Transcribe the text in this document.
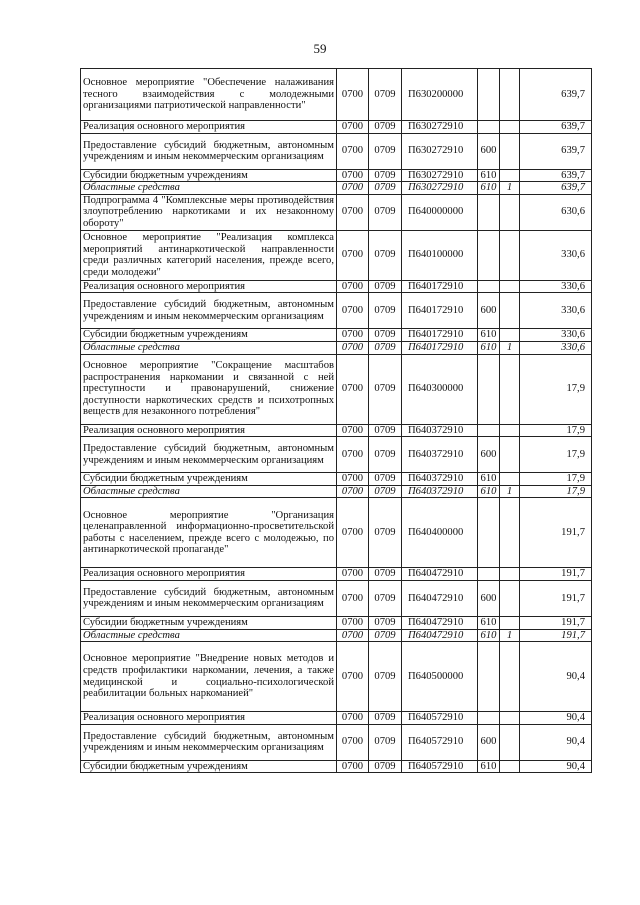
59
Основное мероприятие "Обеспечение налаживания тесного взаимодействия с молодежными организациями патриотической направленности"	0700	0709	П630200000			639,7
Реализация основного мероприятия	0700	0709	П630272910			639,7
Предоставление субсидий бюджетным, автономным учреждениям и иным некоммерческим организациям	0700	0709	П630272910	600		639,7
Субсидии бюджетным учреждениям	0700	0709	П630272910	610		639,7
Областные средства	0700	0709	П630272910	610	1	639,7
Подпрограмма 4 "Комплексные меры противодействия злоупотреблению наркотиками и их незаконному обороту"	0700	0709	П640000000			630,6
Основное мероприятие "Реализация комплекса мероприятий антинаркотической направленности среди различных категорий населения, прежде всего, среди молодежи"	0700	0709	П640100000			330,6
Реализация основного мероприятия	0700	0709	П640172910			330,6
Предоставление субсидий бюджетным, автономным учреждениям и иным некоммерческим организациям	0700	0709	П640172910	600		330,6
Субсидии бюджетным учреждениям	0700	0709	П640172910	610		330,6
Областные средства	0700	0709	П640172910	610	1	330,6
Основное мероприятие "Сокращение масштабов распространения наркомании и связанной с ней преступности и правонарушений, снижение доступности наркотических средств и психотропных веществ для незаконного потребления"	0700	0709	П640300000			17,9
Реализация основного мероприятия	0700	0709	П640372910			17,9
Предоставление субсидий бюджетным, автономным учреждениям и иным некоммерческим организациям	0700	0709	П640372910	600		17,9
Субсидии бюджетным учреждениям	0700	0709	П640372910	610		17,9
Областные средства	0700	0709	П640372910	610	1	17,9
Основное мероприятие "Организация целенаправленной информационно-просветительской работы с населением, прежде всего с молодежью, по антинаркотической пропаганде"	0700	0709	П640400000			191,7
Реализация основного мероприятия	0700	0709	П640472910			191,7
Предоставление субсидий бюджетным, автономным учреждениям и иным некоммерческим организациям	0700	0709	П640472910	600		191,7
Субсидии бюджетным учреждениям	0700	0709	П640472910	610		191,7
Областные средства	0700	0709	П640472910	610	1	191,7
Основное мероприятие "Внедрение новых методов и средств профилактики наркомании, лечения, а также медицинской и социально-психологической реабилитации больных наркоманией"	0700	0709	П640500000			90,4
Реализация основного мероприятия	0700	0709	П640572910			90,4
Предоставление субсидий бюджетным, автономным учреждениям и иным некоммерческим организациям	0700	0709	П640572910	600		90,4
Субсидии бюджетным учреждениям	0700	0709	П640572910	610		90,4
